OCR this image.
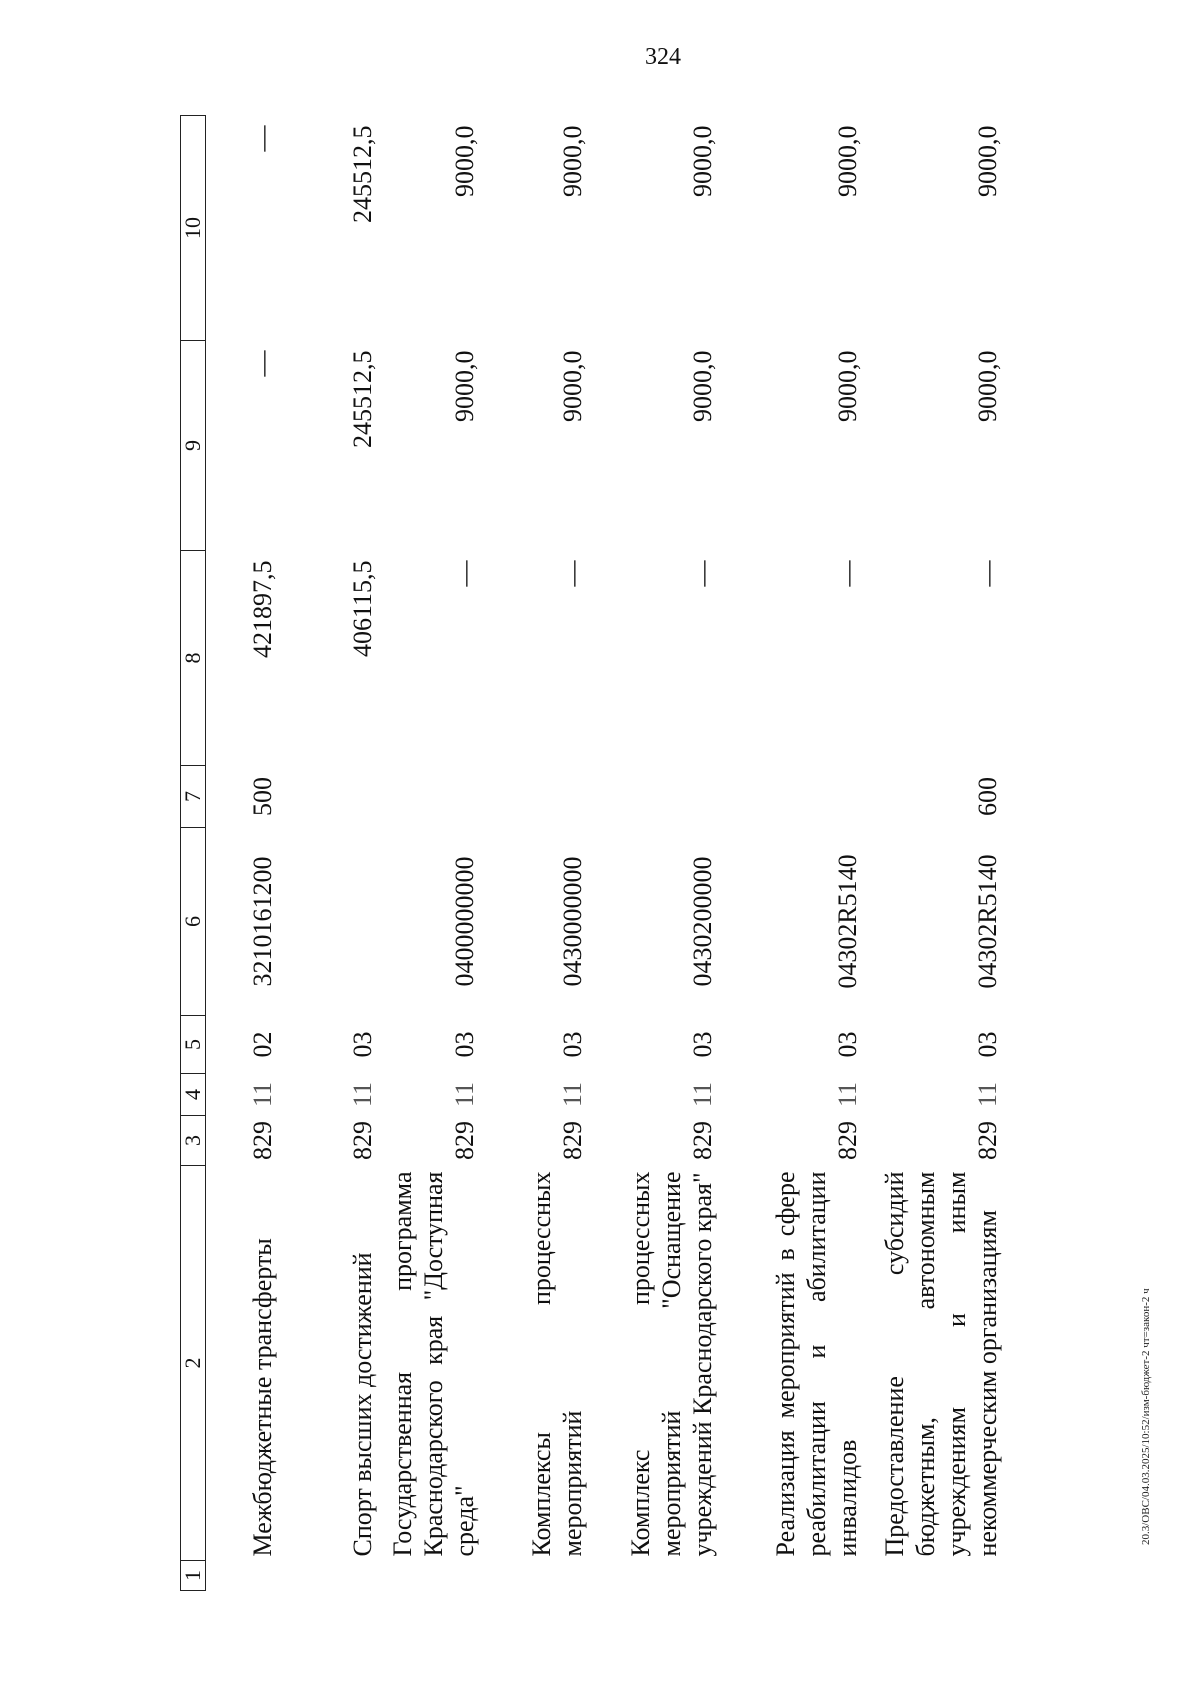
324
20.3/ОВС/04.03.2025/10:52/изм-бюджет-2 чт=закон-2 ч
1	2	3	4	5	6	7	8	9	10
	Межбюджетные трансферты	829	11	02	3210161200	500	421897,5	—	—
	Спорт высших достижений	829	11	03			406115,5	245512,5	245512,5
	Государственная программа Краснодарского края "Доступная среда"	829	11	03	0400000000		—	9000,0	9000,0
	Комплексы процессных мероприятий	829	11	03	0430000000		—	9000,0	9000,0
	Комплекс процессных мероприятий "Оснащение учреждений Краснодарского края"	829	11	03	0430200000		—	9000,0	9000,0
	Реализация мероприятий в сфере реабилитации и абилитации инвалидов	829	11	03	04302R5140		—	9000,0	9000,0
	Предоставление субсидий бюджетным, автономным учреждениям и иным некоммерческим организациям	829	11	03	04302R5140	600	—	9000,0	9000,0
